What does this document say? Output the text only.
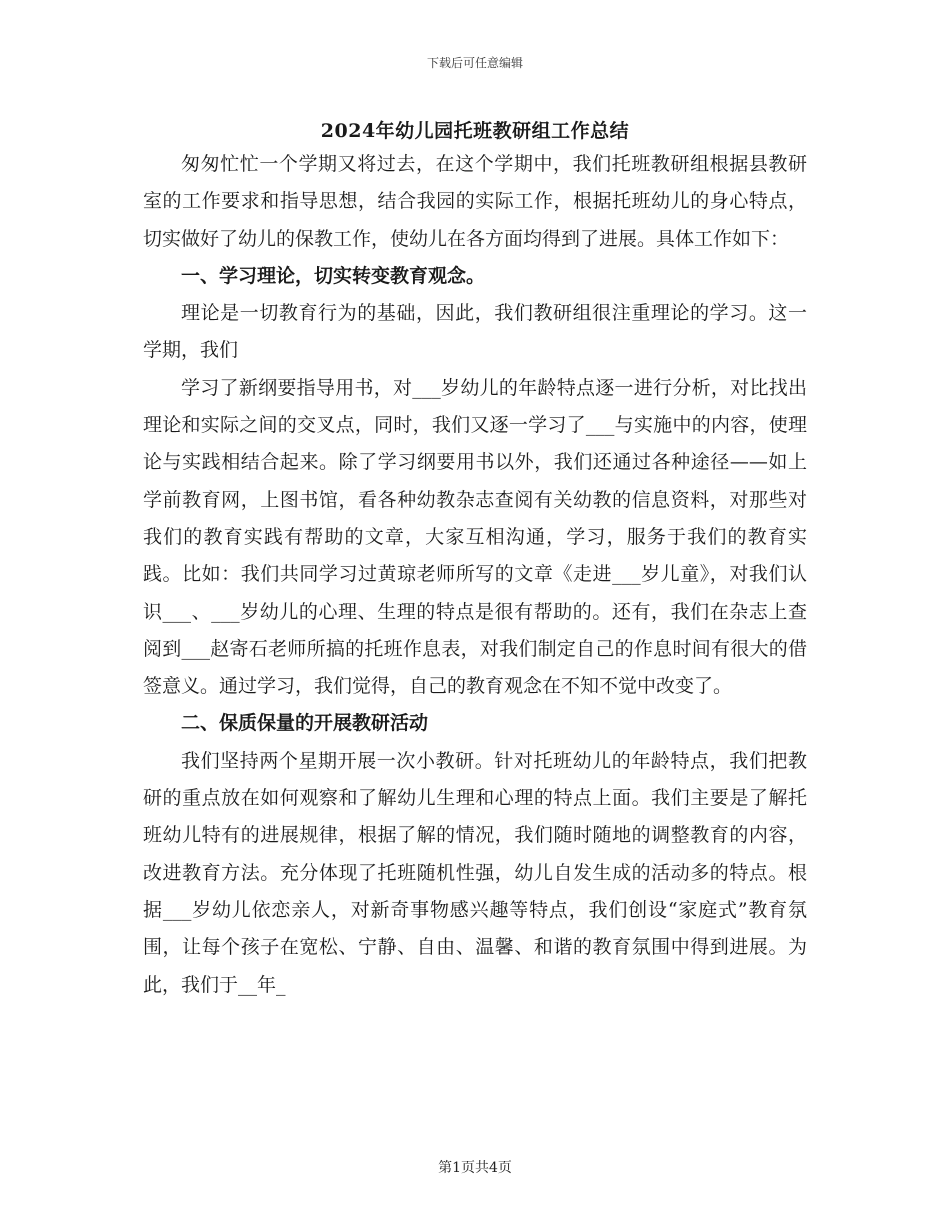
下载后可任意编辑
2024年幼儿园托班教研组工作总结

匆匆忙忙一个学期又将过去，在这个学期中，我们托班教研组根据县教研室的工作要求和指导思想，结合我园的实际工作，根据托班幼儿的身心特点，切实做好了幼儿的保教工作，使幼儿在各方面均得到了进展。具体工作如下：

一、学习理论，切实转变教育观念。

理论是一切教育行为的基础，因此，我们教研组很注重理论的学习。这一学期，我们

学习了新纲要指导用书，对___岁幼儿的年龄特点逐一进行分析，对比找出理论和实际之间的交叉点，同时，我们又逐一学习了___与实施中的内容，使理论与实践相结合起来。除了学习纲要用书以外，我们还通过各种途径——如上学前教育网，上图书馆，看各种幼教杂志查阅有关幼教的信息资料，对那些对我们的教育实践有帮助的文章，大家互相沟通，学习，服务于我们的教育实践。比如：我们共同学习过黄琼老师所写的文章《走进___岁儿童》，对我们认识___、___岁幼儿的心理、生理的特点是很有帮助的。还有，我们在杂志上查阅到___赵寄石老师所搞的托班作息表，对我们制定自己的作息时间有很大的借签意义。通过学习，我们觉得，自己的教育观念在不知不觉中改变了。

二、保质保量的开展教研活动

我们坚持两个星期开展一次小教研。针对托班幼儿的年龄特点，我们把教研的重点放在如何观察和了解幼儿生理和心理的特点上面。我们主要是了解托班幼儿特有的进展规律，根据了解的情况，我们随时随地的调整教育的内容，改进教育方法。充分体现了托班随机性强，幼儿自发生成的活动多的特点。根据___岁幼儿依恋亲人，对新奇事物感兴趣等特点，我们创设“家庭式”教育氛围，让每个孩子在宽松、宁静、自由、温馨、和谐的教育氛围中得到进展。为此，我们于__年_

第1页共4页
